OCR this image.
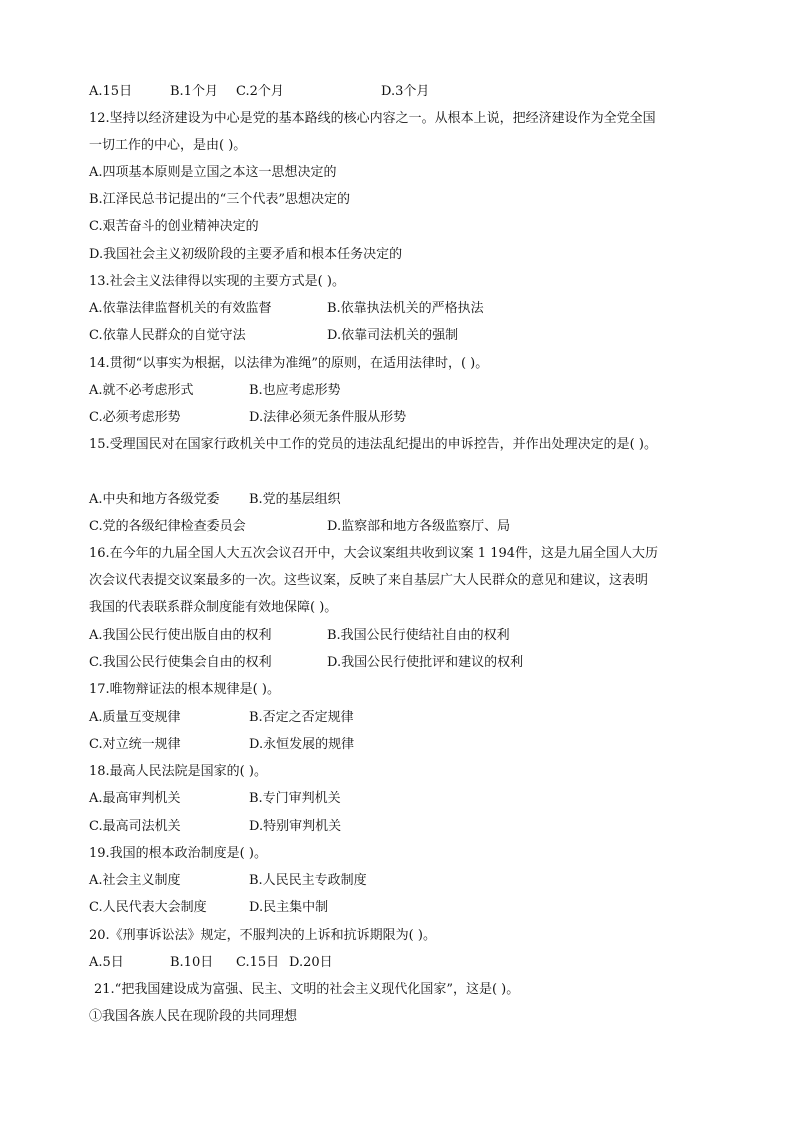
A.15日	B.1个月 C.2个月	D.3个月
12.坚持以经济建设为中心是党的基本路线的核心内容之一。从根本上说，把经济建设作为全党全国
一切工作的中心，是由( )。
A.四项基本原则是立国之本这一思想决定的
B.江泽民总书记提出的“三个代表”思想决定的
C.艰苦奋斗的创业精神决定的
D.我国社会主义初级阶段的主要矛盾和根本任务决定的
13.社会主义法律得以实现的主要方式是( )。
A.依靠法律监督机关的有效监督	B.依靠执法机关的严格执法
C.依靠人民群众的自觉守法	D.依靠司法机关的强制
14.贯彻“以事实为根据，以法律为准绳”的原则，在适用法律时，( )。
A.就不必考虑形式	B.也应考虑形势
C.必须考虑形势	D.法律必须无条件服从形势
15.受理国民对在国家行政机关中工作的党员的违法乱纪提出的申诉控告，并作出处理决定的是( )。
A.中央和地方各级党委 B.党的基层组织
C.党的各级纪律检查委员会	D.监察部和地方各级监察厅、局
16.在今年的九届全国人大五次会议召开中，大会议案组共收到议案 1 194件，这是九届全国人大历
次会议代表提交议案最多的一次。这些议案，反映了来自基层广大人民群众的意见和建议，这表明
我国的代表联系群众制度能有效地保障( )。
A.我国公民行使出版自由的权利	B.我国公民行使结社自由的权利
C.我国公民行使集会自由的权利	D.我国公民行使批评和建议的权利
17.唯物辩证法的根本规律是( )。
A.质量互变规律	B.否定之否定规律
C.对立统一规律	D.永恒发展的规律
18.最高人民法院是国家的( )。
A.最高审判机关	B.专门审判机关
C.最高司法机关	D.特别审判机关
19.我国的根本政治制度是( )。
A.社会主义制度	B.人民民主专政制度
C.人民代表大会制度	D.民主集中制
20.《刑事诉讼法》规定，不服判决的上诉和抗诉期限为( )。
A.5日	B.10日 C.15日 D.20日
21.“把我国建设成为富强、民主、文明的社会主义现代化国家”，这是( )。
①我国各族人民在现阶段的共同理想
